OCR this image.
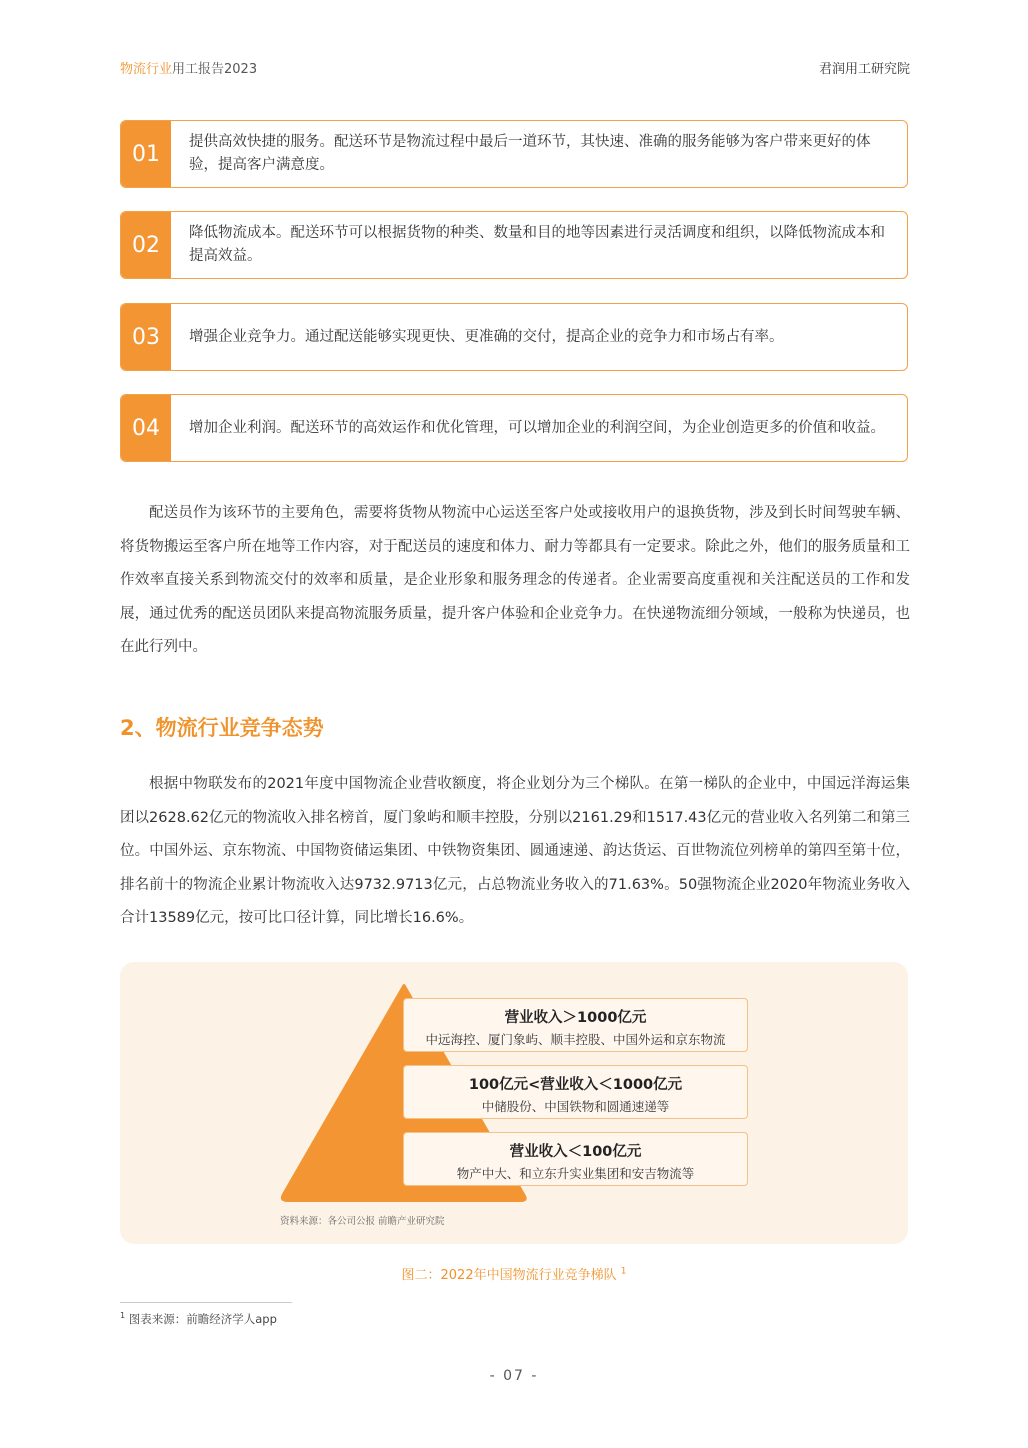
物流行业用工报告2023	君润用工研究院
01	提供高效快捷的服务。配送环节是物流过程中最后一道环节，其快速、准确的服务能够为客户带来更好的体验，提高客户满意度。
02	降低物流成本。配送环节可以根据货物的种类、数量和目的地等因素进行灵活调度和组织，以降低物流成本和提高效益。
03	增强企业竞争力。通过配送能够实现更快、更准确的交付，提高企业的竞争力和市场占有率。
04	增加企业利润。配送环节的高效运作和优化管理，可以增加企业的利润空间，为企业创造更多的价值和收益。

配送员作为该环节的主要角色，需要将货物从物流中心运送至客户处或接收用户的退换货物，涉及到长时间驾驶车辆、将货物搬运至客户所在地等工作内容，对于配送员的速度和体力、耐力等都具有一定要求。除此之外，他们的服务质量和工作效率直接关系到物流交付的效率和质量，是企业形象和服务理念的传递者。企业需要高度重视和关注配送员的工作和发展，通过优秀的配送员团队来提高物流服务质量，提升客户体验和企业竞争力。在快递物流细分领域，一般称为快递员，也在此行列中。

2、物流行业竞争态势

根据中物联发布的2021年度中国物流企业营收额度，将企业划分为三个梯队。在第一梯队的企业中，中国远洋海运集团以2628.62亿元的物流收入排名榜首，厦门象屿和顺丰控股，分别以2161.29和1517.43亿元的营业收入名列第二和第三位。中国外运、京东物流、中国物资储运集团、中铁物资集团、圆通速递、韵达货运、百世物流位列榜单的第四至第十位，排名前十的物流企业累计物流收入达9732.9713亿元，占总物流业务收入的71.63%。50强物流企业2020年物流业务收入合计13589亿元，按可比口径计算，同比增长16.6%。

营业收入＞1000亿元
中远海控、厦门象屿、顺丰控股、中国外运和京东物流
100亿元<营业收入＜1000亿元
中储股份、中国铁物和圆通速递等
营业收入＜100亿元
物产中大、和立东升实业集团和安吉物流等
资料来源：各公司公报 前瞻产业研究院
图二：2022年中国物流行业竞争梯队 $^1$
$^1$ 图表来源：前瞻经济学人app
- 07 -
